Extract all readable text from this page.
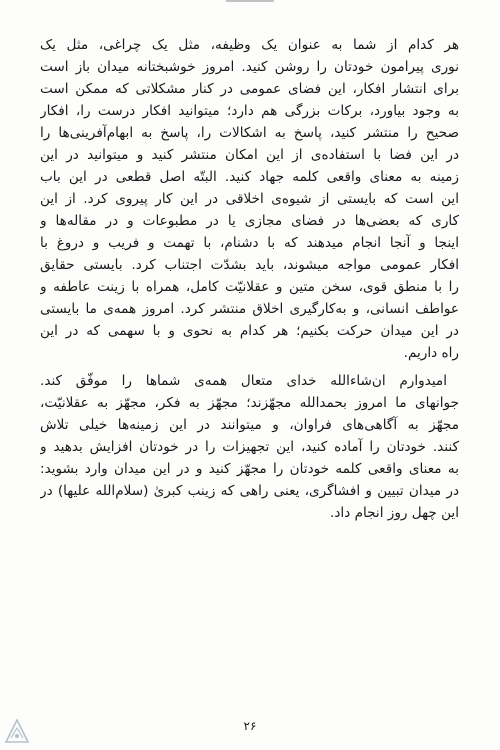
هر کدام از شما به عنوان یک وظیفه، مثل یک چراغی، مثل یک
نوری پیرامون خودتان را روشن کنید. امروز خوشبختانه میدان باز است
برای انتشار افکار، این فضای عمومی در کنار مشکلاتی که ممکن است
به وجود بیاورد، برکات بزرگی هم دارد؛ میتوانید افکار درست را، افکار
صحیح را منتشر کنید، پاسخ به اشکالات را، پاسخ به ابهام‌آفرینی‌ها را
در این فضا با استفاده‌ی از این امکان منتشر کنید و میتوانید در این
زمینه به معنای واقعی کلمه جهاد کنید. البتّه اصل قطعی در این باب
این است که بایستی از شیوه‌ی اخلاقی در این کار پیروی کرد. از این
کاری که بعضی‌ها در فضای مجازی یا در مطبوعات و در مقاله‌ها و
اینجا و آنجا انجام میدهند که با دشنام، با تهمت و فریب و دروغ با
افکار عمومی مواجه میشوند، باید بشدّت اجتناب کرد. بایستی حقایق
را با منطق قوی، سخن متین و عقلانیّت کامل، همراه با زینت عاطفه و
عواطف انسانی، و به‌کارگیری اخلاق منتشر کرد. امروز همه‌ی ما بایستی
در این میدان حرکت بکنیم؛ هر کدام به نحوی و با سهمی که در این
راه داریم.
امیدوارم ان‌شاءالله خدای متعال همه‌ی شماها را موفّق کند.
جوانهای ما امروز بحمدالله مجهّزند؛ مجهّز به فکر، مجهّز به عقلانیّت،
مجهّز به آگاهی‌های فراوان، و میتوانند در این زمینه‌ها خیلی تلاش
کنند. خودتان را آماده کنید، این تجهیزات را در خودتان افزایش بدهید و
به معنای واقعی کلمه خودتان را مجهّز کنید و در این میدان وارد بشوید:
در میدان تبیین و افشاگری، یعنی راهی که زینب کبریٰ (سلام‌الله علیها) در
این چهل روز انجام داد.
۲۶
